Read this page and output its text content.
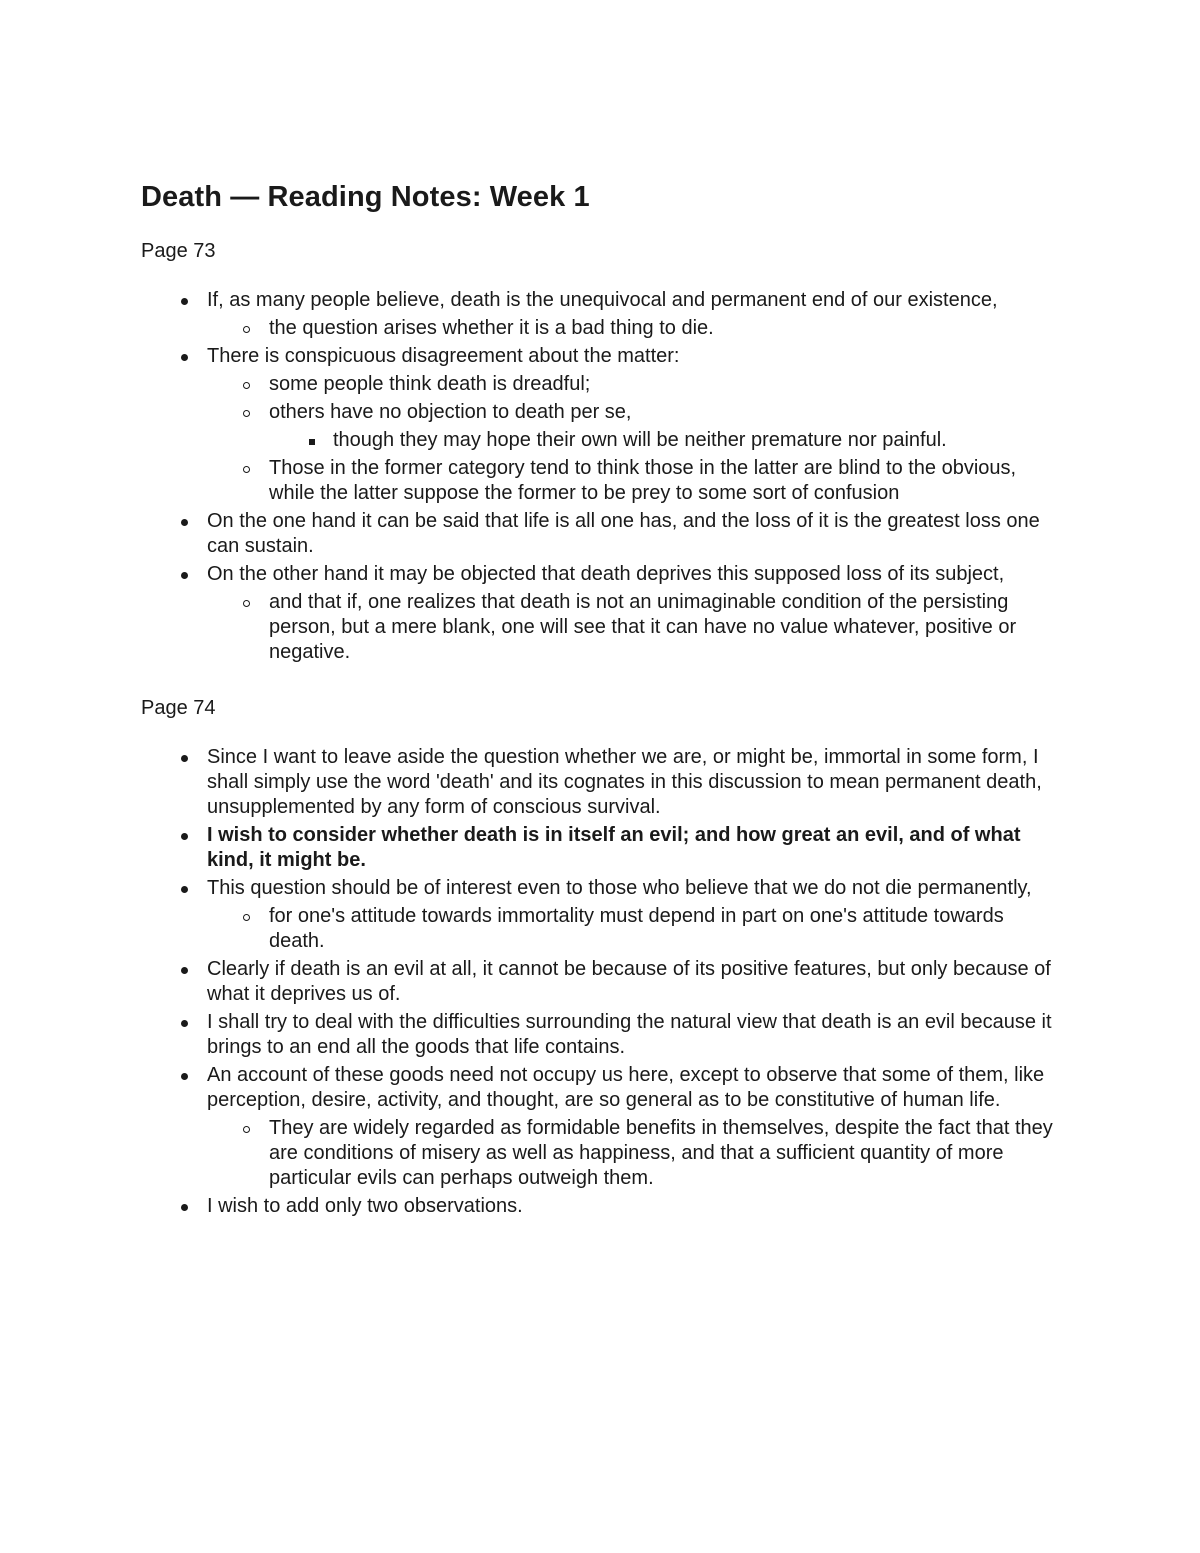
Death — Reading Notes: Week 1

Page 73

If, as many people believe, death is the unequivocal and permanent end of our existence,
the question arises whether it is a bad thing to die.
There is conspicuous disagreement about the matter:
some people think death is dreadful;
others have no objection to death per se,
though they may hope their own will be neither premature nor painful.
Those in the former category tend to think those in the latter are blind to the obvious, while the latter suppose the former to be prey to some sort of confusion
On the one hand it can be said that life is all one has, and the loss of it is the greatest loss one can sustain.
On the other hand it may be objected that death deprives this supposed loss of its subject,
and that if, one realizes that death is not an unimaginable condition of the persisting person, but a mere blank, one will see that it can have no value whatever, positive or negative.

Page 74

Since I want to leave aside the question whether we are, or might be, immortal in some form, I shall simply use the word 'death' and its cognates in this discussion to mean permanent death, unsupplemented by any form of conscious survival.
I wish to consider whether death is in itself an evil; and how great an evil, and of what kind, it might be.
This question should be of interest even to those who believe that we do not die permanently,
for one's attitude towards immortality must depend in part on one's attitude towards death.
Clearly if death is an evil at all, it cannot be because of its positive features, but only because of what it deprives us of.
I shall try to deal with the difficulties surrounding the natural view that death is an evil because it brings to an end all the goods that life contains.
An account of these goods need not occupy us here, except to observe that some of them, like perception, desire, activity, and thought, are so general as to be constitutive of human life.
They are widely regarded as formidable benefits in themselves, despite the fact that they are conditions of misery as well as happiness, and that a sufficient quantity of more particular evils can perhaps outweigh them.
I wish to add only two observations.
